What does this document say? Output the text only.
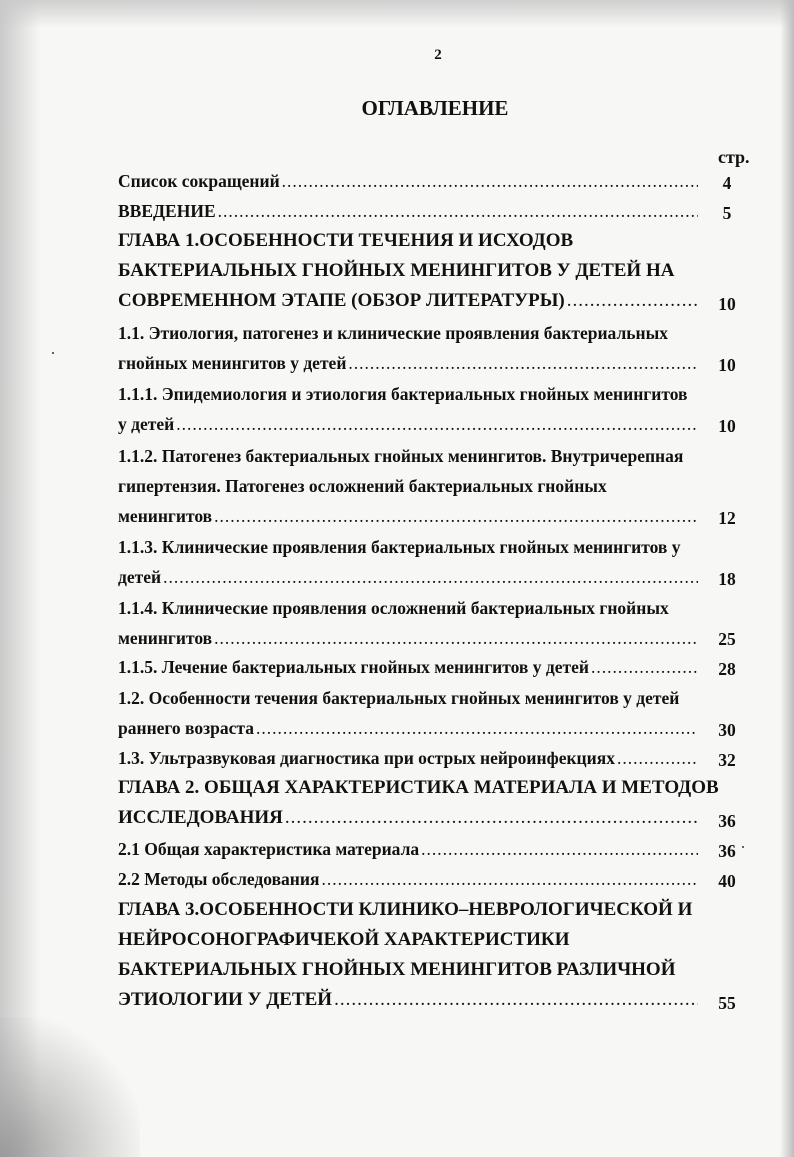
2
ОГЛАВЛЕНИЕ
стр.
Список сокращений .....	4
ВВЕДЕНИЕ .....	5
ГЛАВА 1.ОСОБЕННОСТИ ТЕЧЕНИЯ И ИСХОДОВ
БАКТЕРИАЛЬНЫХ ГНОЙНЫХ МЕНИНГИТОВ У ДЕТЕЙ НА
СОВРЕМЕННОМ ЭТАПЕ (ОБЗОР ЛИТЕРАТУРЫ) .....	10
1.1. Этиология, патогенез и клинические проявления бактериальных
гнойных менингитов у детей .....	10
1.1.1. Эпидемиология и этиология бактериальных гнойных менингитов
у детей .....	10
1.1.2. Патогенез бактериальных гнойных менингитов. Внутричерепная
гипертензия. Патогенез осложнений бактериальных гнойных
менингитов .....	12
1.1.3. Клинические проявления бактериальных гнойных менингитов у
детей .....	18
1.1.4. Клинические проявления осложнений бактериальных гнойных
менингитов .....	25
1.1.5. Лечение бактериальных гнойных менингитов у детей .....	28
1.2. Особенности течения бактериальных гнойных менингитов у детей
раннего возраста .....	30
1.3. Ультразвуковая диагностика при острых нейроинфекциях .....	32
ГЛАВА 2. ОБЩАЯ ХАРАКТЕРИСТИКА МАТЕРИАЛА И МЕТОДОВ
ИССЛЕДОВАНИЯ .....	36
2.1 Общая характеристика материала .....	36
2.2 Методы обследования .....	40
ГЛАВА 3.ОСОБЕННОСТИ КЛИНИКО–НЕВРОЛОГИЧЕСКОЙ И
НЕЙРОСОНОГРАФИЧЕКОЙ ХАРАКТЕРИСТИКИ
БАКТЕРИАЛЬНЫХ ГНОЙНЫХ МЕНИНГИТОВ РАЗЛИЧНОЙ
ЭТИОЛОГИИ У ДЕТЕЙ .....	55
